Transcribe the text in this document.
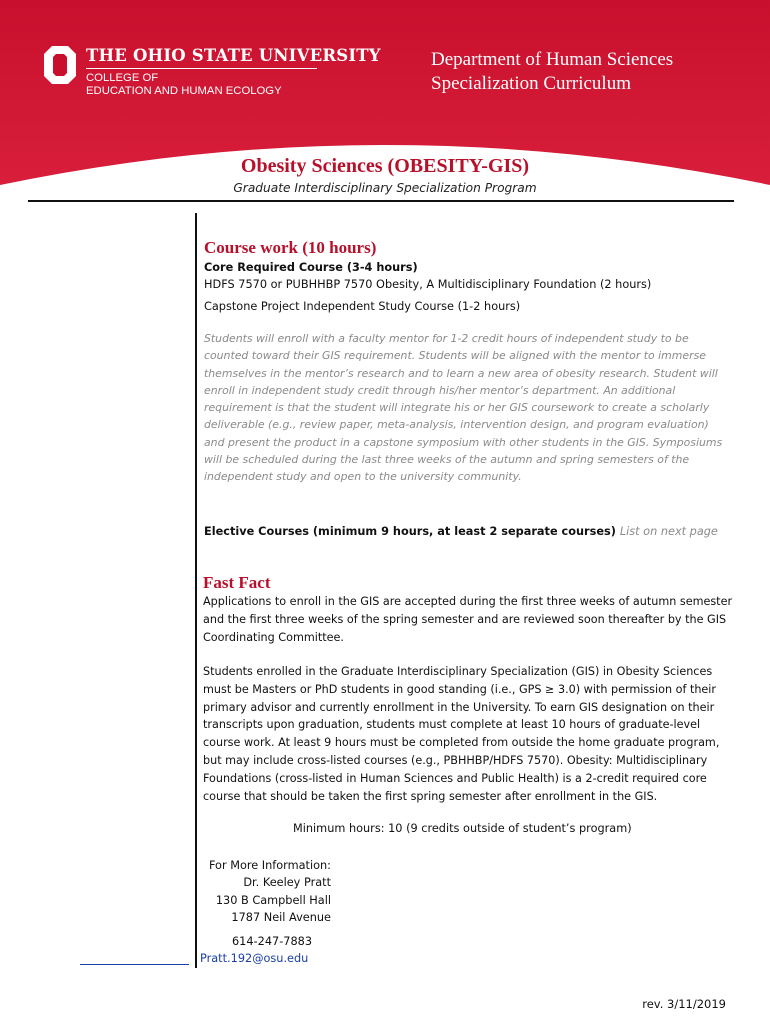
THE OHIO STATE UNIVERSITY
COLLEGE OF
EDUCATION AND HUMAN ECOLOGY
Department of Human Sciences
Specialization Curriculum
Obesity Sciences (OBESITY-GIS)
Graduate Interdisciplinary Specialization Program
Course work (10 hours)
Core Required Course (3-4 hours)
HDFS 7570 or PUBHHBP 7570 Obesity, A Multidisciplinary Foundation (2 hours)
Capstone Project Independent Study Course (1-2 hours)
Students will enroll with a faculty mentor for 1-2 credit hours of independent study to be counted toward their GIS requirement. Students will be aligned with the mentor to immerse themselves in the mentor’s research and to learn a new area of obesity research. Student will enroll in independent study credit through his/her mentor’s department. An additional requirement is that the student will integrate his or her GIS coursework to create a scholarly deliverable (e.g., review paper, meta-analysis, intervention design, and program evaluation) and present the product in a capstone symposium with other students in the GIS. Symposiums will be scheduled during the last three weeks of the autumn and spring semesters of the independent study and open to the university community.
Elective Courses (minimum 9 hours, at least 2 separate courses) List on next page
Fast Fact
Applications to enroll in the GIS are accepted during the first three weeks of autumn semester and the first three weeks of the spring semester and are reviewed soon thereafter by the GIS Coordinating Committee.
Students enrolled in the Graduate Interdisciplinary Specialization (GIS) in Obesity Sciences must be Masters or PhD students in good standing (i.e., GPS ≥ 3.0) with permission of their primary advisor and currently enrollment in the University. To earn GIS designation on their transcripts upon graduation, students must complete at least 10 hours of graduate-level course work. At least 9 hours must be completed from outside the home graduate program, but may include cross-listed courses (e.g., PBHHBP/HDFS 7570). Obesity: Multidisciplinary Foundations (cross-listed in Human Sciences and Public Health) is a 2-credit required core course that should be taken the first spring semester after enrollment in the GIS.
Minimum hours: 10 (9 credits outside of student’s program)
For More Information:
Dr. Keeley Pratt
130 B Campbell Hall
1787 Neil Avenue
614-247-7883
Pratt.192@osu.edu
rev. 3/11/2019
